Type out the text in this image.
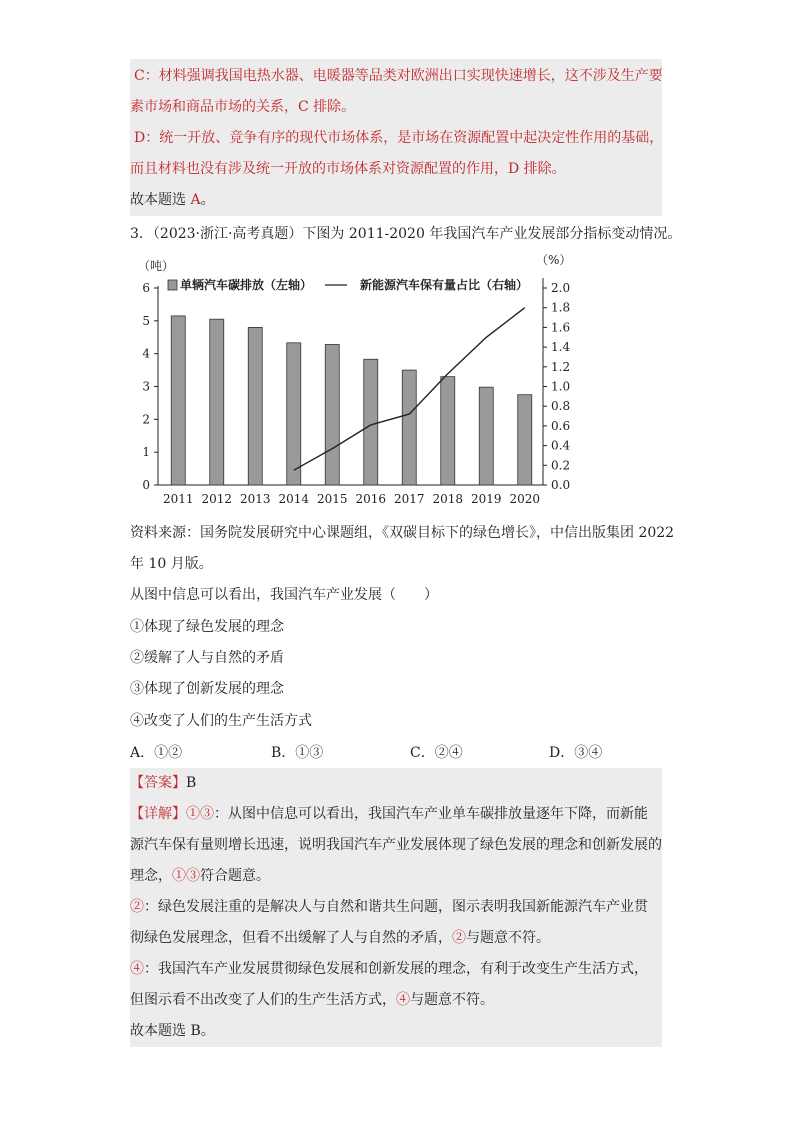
C：材料强调我国电热水器、电暖器等品类对欧洲出口实现快速增长，这不涉及生产要
素市场和商品市场的关系，C 排除。
D：统一开放、竞争有序的现代市场体系，是市场在资源配置中起决定性作用的基础，
而且材料也没有涉及统一开放的市场体系对资源配置的作用，D 排除。
故本题选 A。
3．（2023·浙江·高考真题）下图为 2011-2020 年我国汽车产业发展部分指标变动情况。
0
1
2
3
4
5
6
0.0
0.2
0.4
0.6
0.8
1.0
1.2
1.4
1.6
1.8
2.0
（吨）	（%）
2011 2012 2013 2014 2015 2016 2017 2018 2019 2020
单辆汽车碳排放（左轴）	新能源汽车保有量占比（右轴）
资料来源：国务院发展研究中心课题组，《双碳目标下的绿色增长》，中信出版集团 2022
年 10 月版。
从图中信息可以看出，我国汽车产业发展（　　）
①体现了绿色发展的理念
②缓解了人与自然的矛盾
③体现了创新发展的理念
④改变了人们的生产生活方式
A．①②	B．①③	C．②④	D．③④
【答案】B
【详解】①③：从图中信息可以看出，我国汽车产业单车碳排放量逐年下降，而新能
源汽车保有量则增长迅速，说明我国汽车产业发展体现了绿色发展的理念和创新发展的
理念，①③符合题意。
②：绿色发展注重的是解决人与自然和谐共生问题，图示表明我国新能源汽车产业贯
彻绿色发展理念，但看不出缓解了人与自然的矛盾，②与题意不符。
④：我国汽车产业发展贯彻绿色发展和创新发展的理念，有利于改变生产生活方式，
但图示看不出改变了人们的生产生活方式，④与题意不符。
故本题选 B。
